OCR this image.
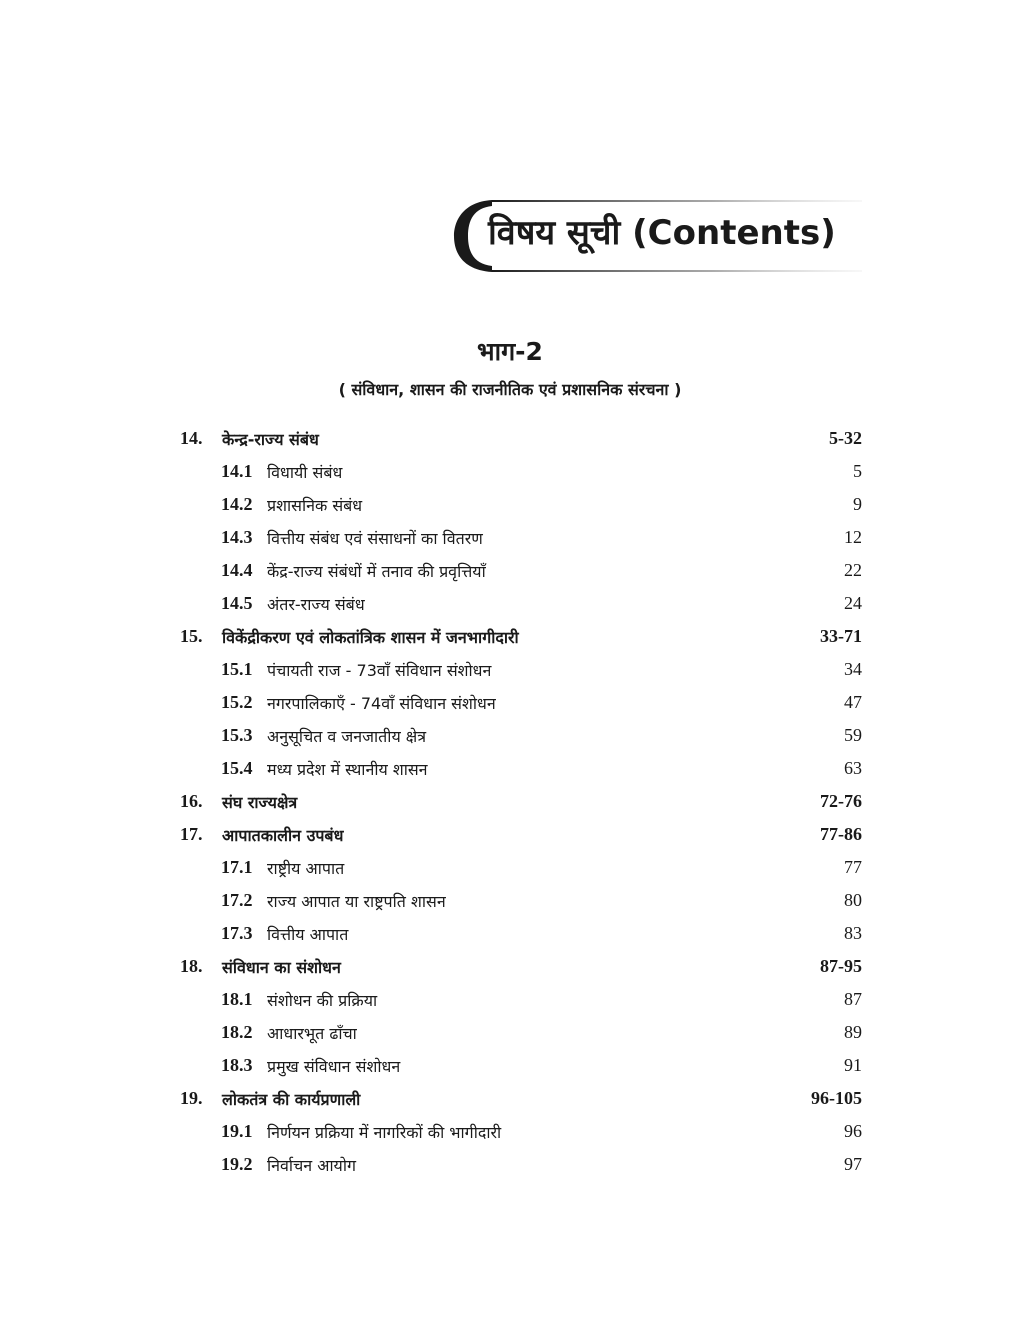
विषय सूची (Contents)
भाग-2
( संविधान, शासन की राजनीतिक एवं प्रशासनिक संरचना )
14. केन्द्र-राज्य संबंध	5-32
14.1 विधायी संबंध	5
14.2 प्रशासनिक संबंध	9
14.3 वित्तीय संबंध एवं संसाधनों का वितरण	12
14.4 केंद्र-राज्य संबंधों में तनाव की प्रवृत्तियाँ	22
14.5 अंतर-राज्य संबंध	24
15. विकेंद्रीकरण एवं लोकतांत्रिक शासन में जनभागीदारी	33-71
15.1 पंचायती राज - 73वाँ संविधान संशोधन	34
15.2 नगरपालिकाएँ - 74वाँ संविधान संशोधन	47
15.3 अनुसूचित व जनजातीय क्षेत्र	59
15.4 मध्य प्रदेश में स्थानीय शासन	63
16. संघ राज्यक्षेत्र	72-76
17. आपातकालीन उपबंध	77-86
17.1 राष्ट्रीय आपात	77
17.2 राज्य आपात या राष्ट्रपति शासन	80
17.3 वित्तीय आपात	83
18. संविधान का संशोधन	87-95
18.1 संशोधन की प्रक्रिया	87
18.2 आधारभूत ढाँचा	89
18.3 प्रमुख संविधान संशोधन	91
19. लोकतंत्र की कार्यप्रणाली	96-105
19.1 निर्णयन प्रक्रिया में नागरिकों की भागीदारी	96
19.2 निर्वाचन आयोग	97
